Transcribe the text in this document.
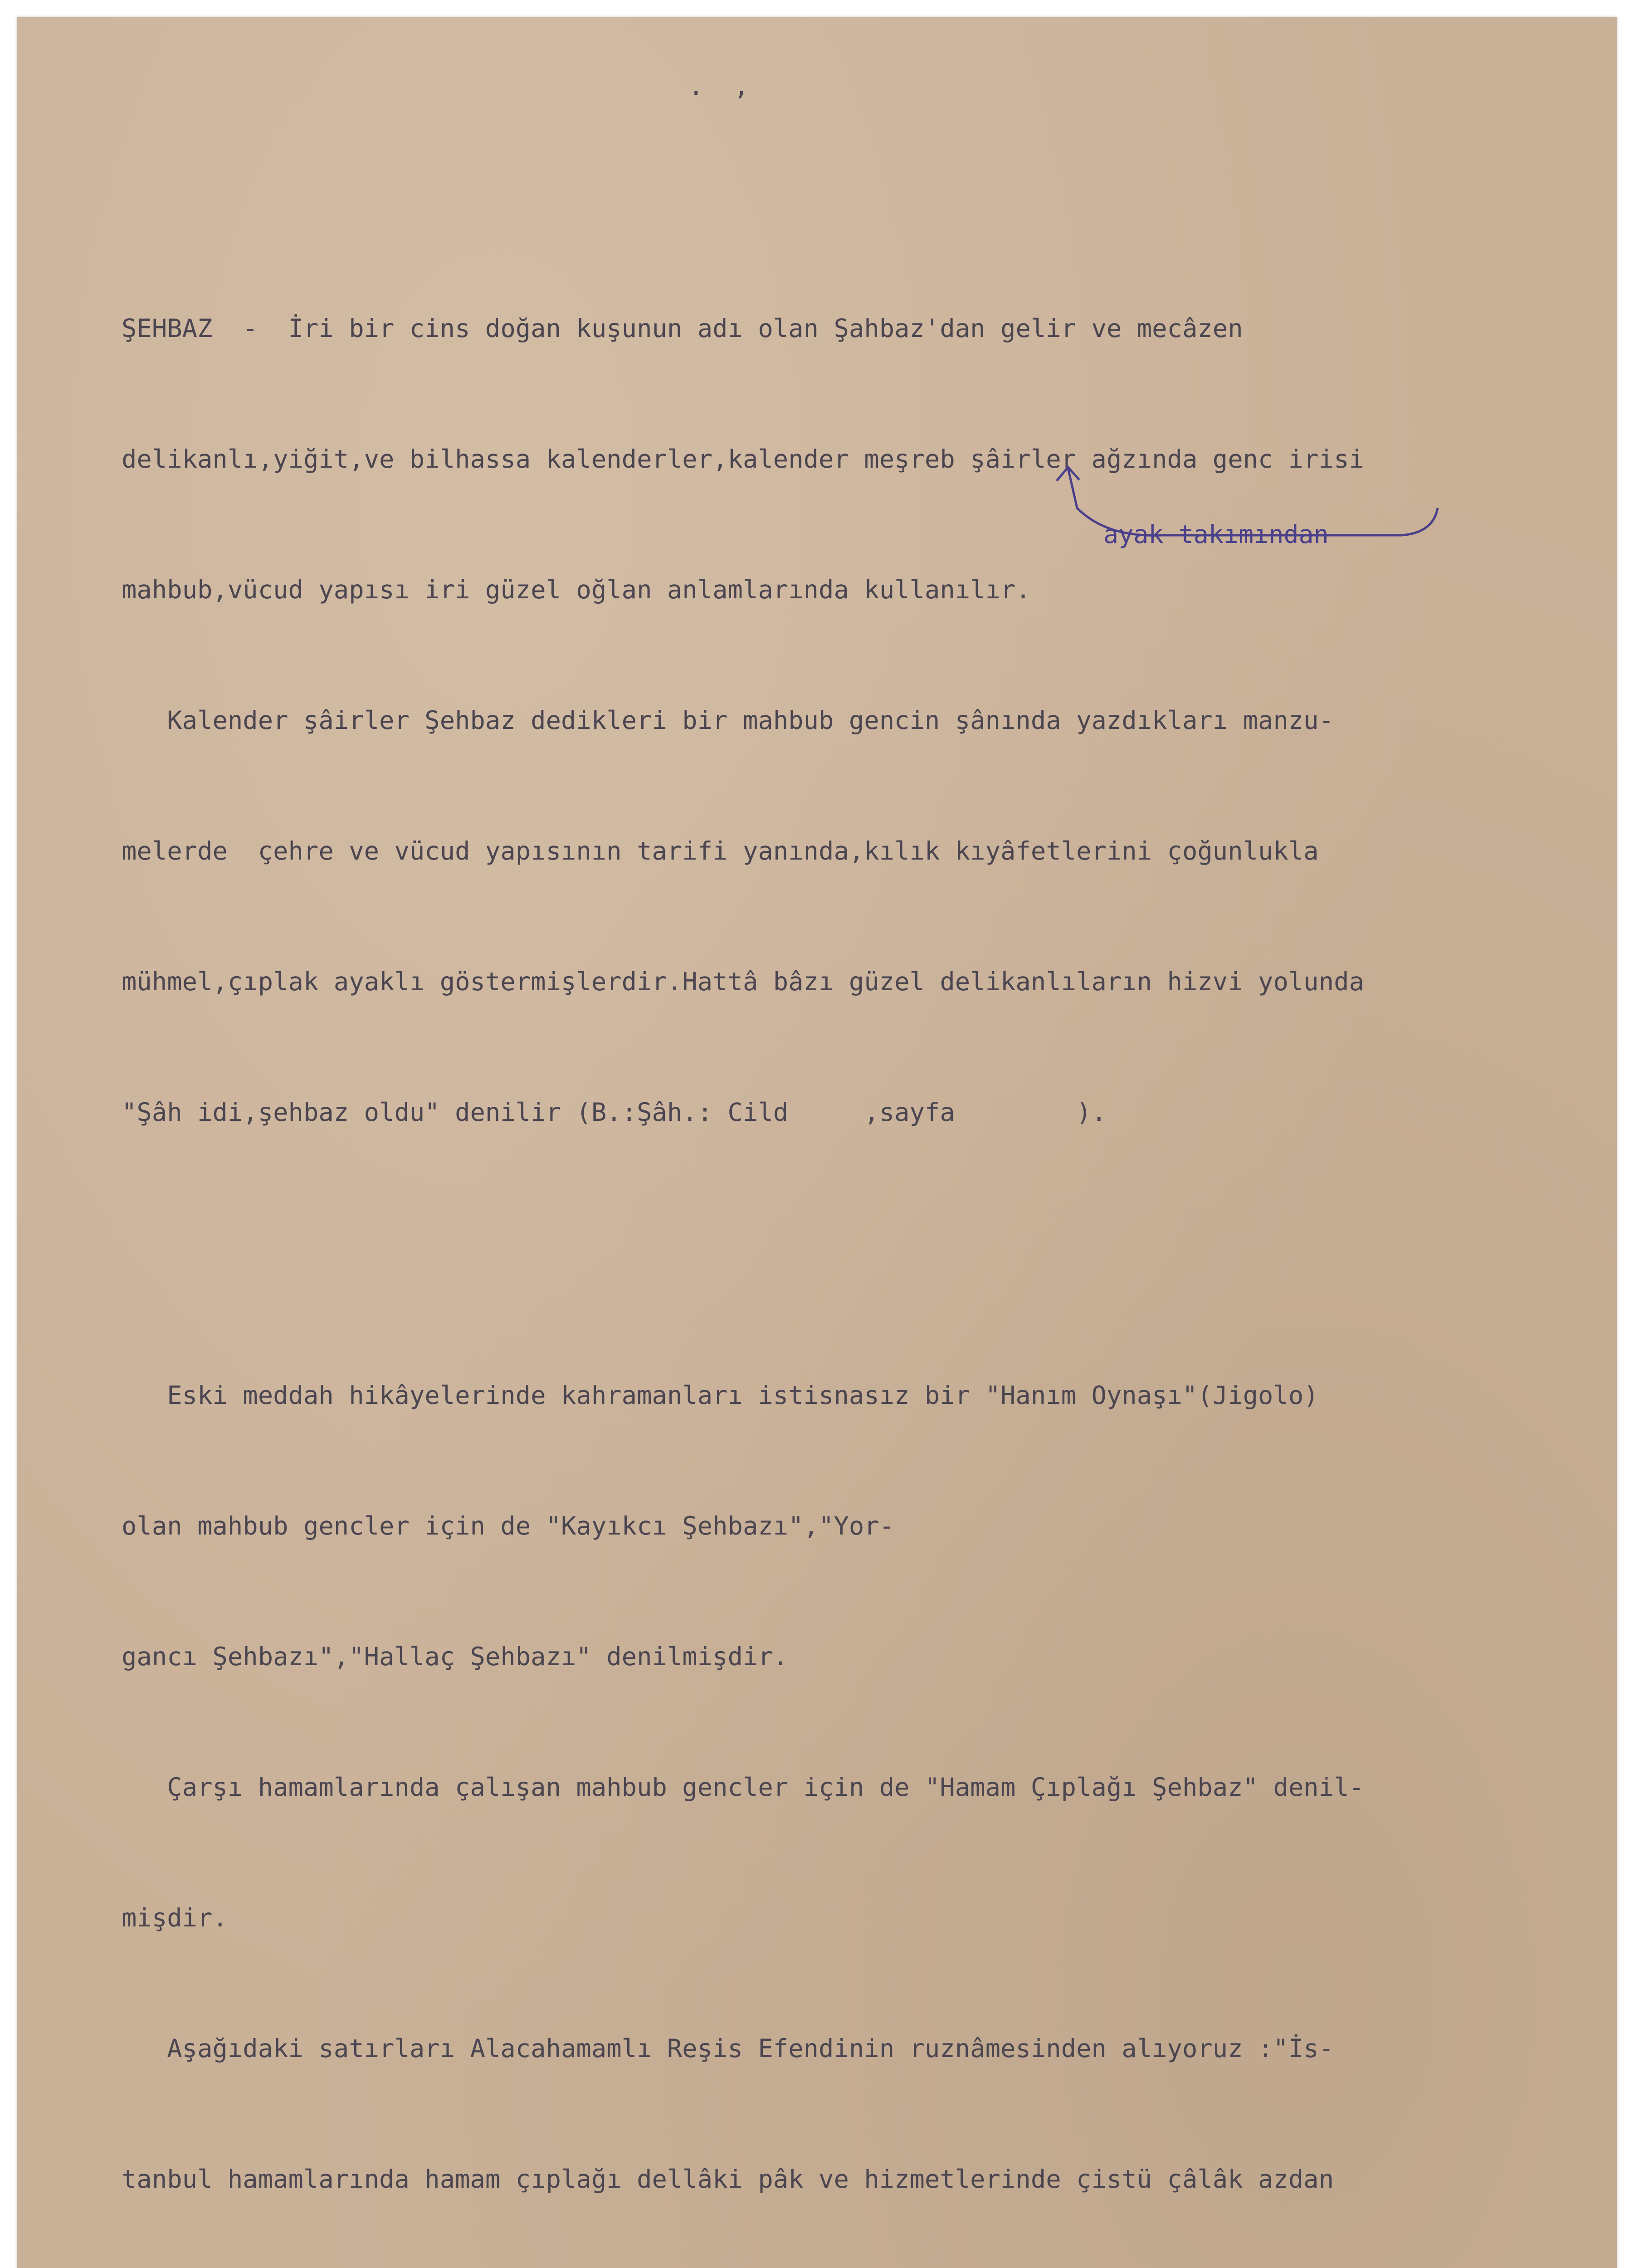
.  ,

ŞEHBAZ  -  İri bir cins doğan kuşunun adı olan Şahbaz'dan gelir ve mecâzen

delikanlı,yiğit,ve bilhassa kalenderler,kalender meşreb şâirler ağzında genc irisi

mahbub,vücud yapısı iri güzel oğlan anlamlarında kullanılır.

Kalender şâirler Şehbaz dedikleri bir mahbub gencin şânında yazdıkları manzu-

melerde  çehre ve vücud yapısının tarifi yanında,kılık kıyâfetlerini çoğunlukla

mühmel,çıplak ayaklı göstermişlerdir.Hattâ bâzı güzel delikanlıların hizvi yolunda

"Şâh idi,şehbaz oldu" denilir (B.:Şâh.: Cild     ,sayfa        ).

Eski meddah hikâyelerinde kahramanları istisnasız bir "Hanım Oynaşı"(Jigolo)

olan mahbub gencler için de "Kayıkcı Şehbazı","Yor-

gancı Şehbazı","Hallaç Şehbazı" denilmişdir.

Çarşı hamamlarında çalışan mahbub gencler için de "Hamam Çıplağı Şehbaz" denil-

mişdir.

Aşağıdaki satırları Alacahamamlı Reşis Efendinin ruznâmesinden alıyoruz :"İs-

tanbul hamamlarında hamam çıplağı dellâki pâk ve hizmetlerinde çistü çâlâk azdan

ayak takımından
